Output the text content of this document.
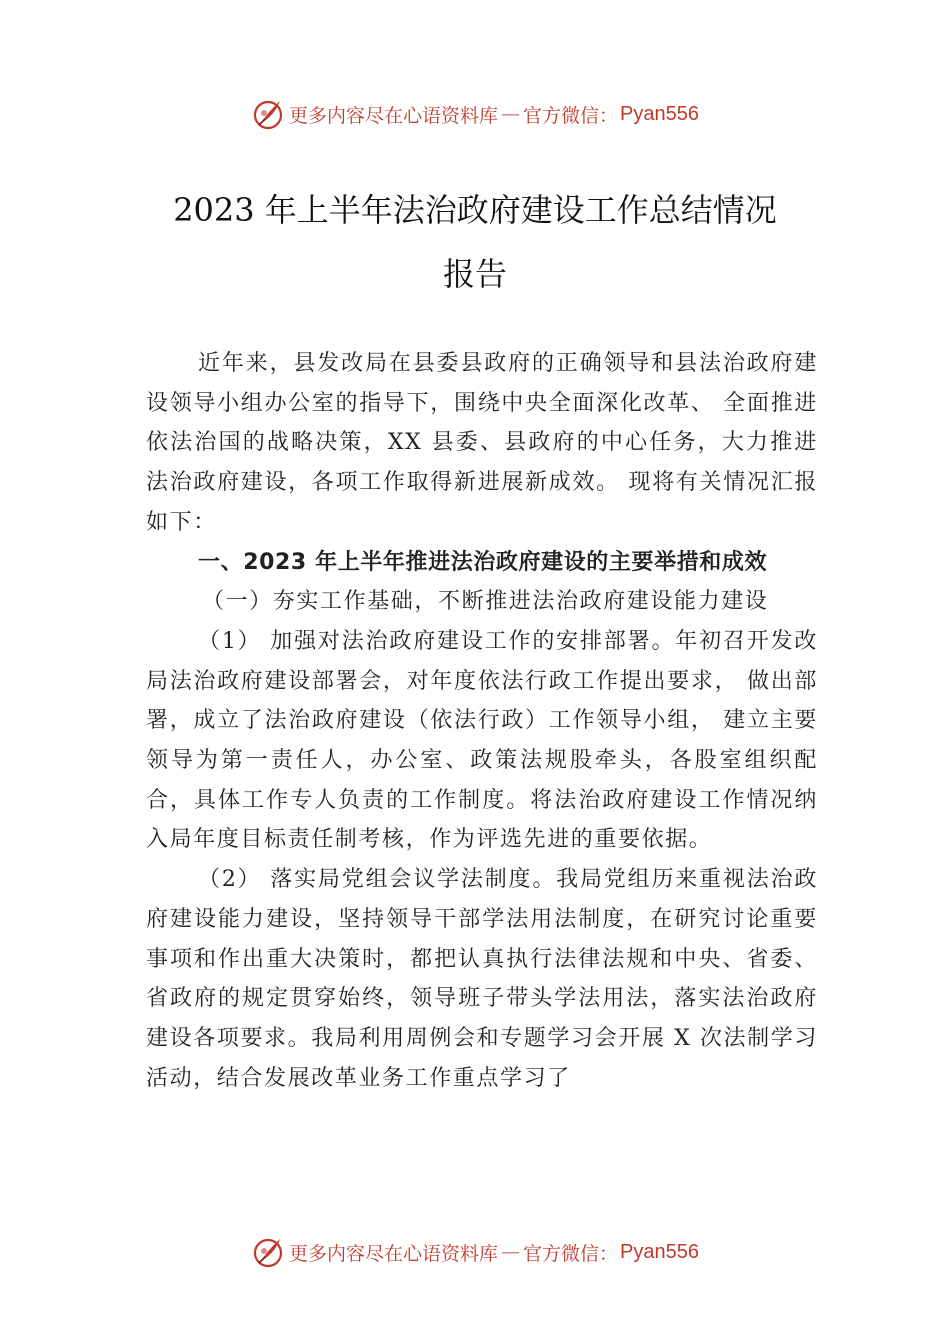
更多内容尽在心语资料库 — 官方微信： Pyan556
2023 年上半年法治政府建设工作总结情况
报告

近年来，县发改局在县委县政府的正确领导和县法治政府建设领导小组办公室的指导下，围绕中央全面深化改革、 全面推进依法治国的战略决策，XX 县委、县政府的中心任务，大力推进法治政府建设，各项工作取得新进展新成效。 现将有关情况汇报如下：

一、2023 年上半年推进法治政府建设的主要举措和成效

（一）夯实工作基础，不断推进法治政府建设能力建设

（1） 加强对法治政府建设工作的安排部署。年初召开发改局法治政府建设部署会，对年度依法行政工作提出要求， 做出部署，成立了法治政府建设（依法行政）工作领导小组， 建立主要领导为第一责任人，办公室、政策法规股牵头，各股室组织配合，具体工作专人负责的工作制度。将法治政府建设工作情况纳入局年度目标责任制考核，作为评选先进的重要依据。

（2） 落实局党组会议学法制度。我局党组历来重视法治政府建设能力建设，坚持领导干部学法用法制度，在研究讨论重要事项和作出重大决策时，都把认真执行法律法规和中央、省委、省政府的规定贯穿始终，领导班子带头学法用法，落实法治政府建设各项要求。我局利用周例会和专题学习会开展 X 次法制学习活动，结合发展改革业务工作重点学习了

更多内容尽在心语资料库 — 官方微信： Pyan556
